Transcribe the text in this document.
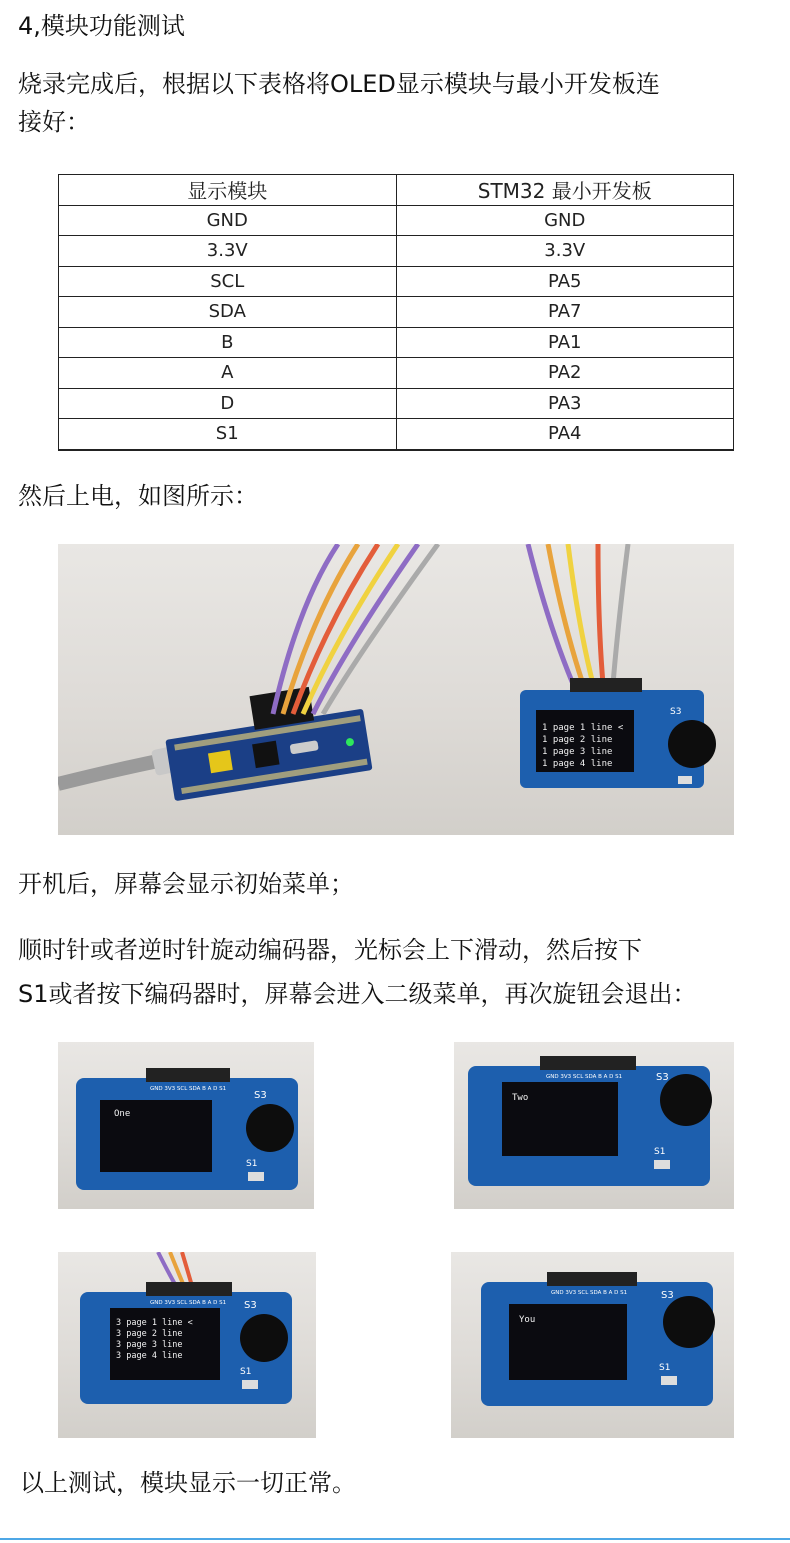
4,模块功能测试

烧录完成后，根据以下表格将OLED显示模块与最小开发板连

接好：

显示模块	STM32 最小开发板
GND	GND
3.3V	3.3V
SCL	PA5
SDA	PA7
B	PA1
A	PA2
D	PA3
S1	PA4

然后上电，如图所示：

1 page 1 line <
1 page 2 line
1 page 3 line
1 page 4 line
S3

开机后，屏幕会显示初始菜单；

顺时针或者逆时针旋动编码器，光标会上下滑动，然后按下

S1或者按下编码器时，屏幕会进入二级菜单，再次旋钮会退出：

GND 3V3 SCL SDA B A D S1
One
S3
S1
GND 3V3 SCL SDA B A D S1
Two
S3
S1
GND 3V3 SCL SDA B A D S1
3 page 1 line <
3 page 2 line
3 page 3 line
3 page 4 line
S3
S1
GND 3V3 SCL SDA B A D S1
You
S3
S1

以上测试，模块显示一切正常。
